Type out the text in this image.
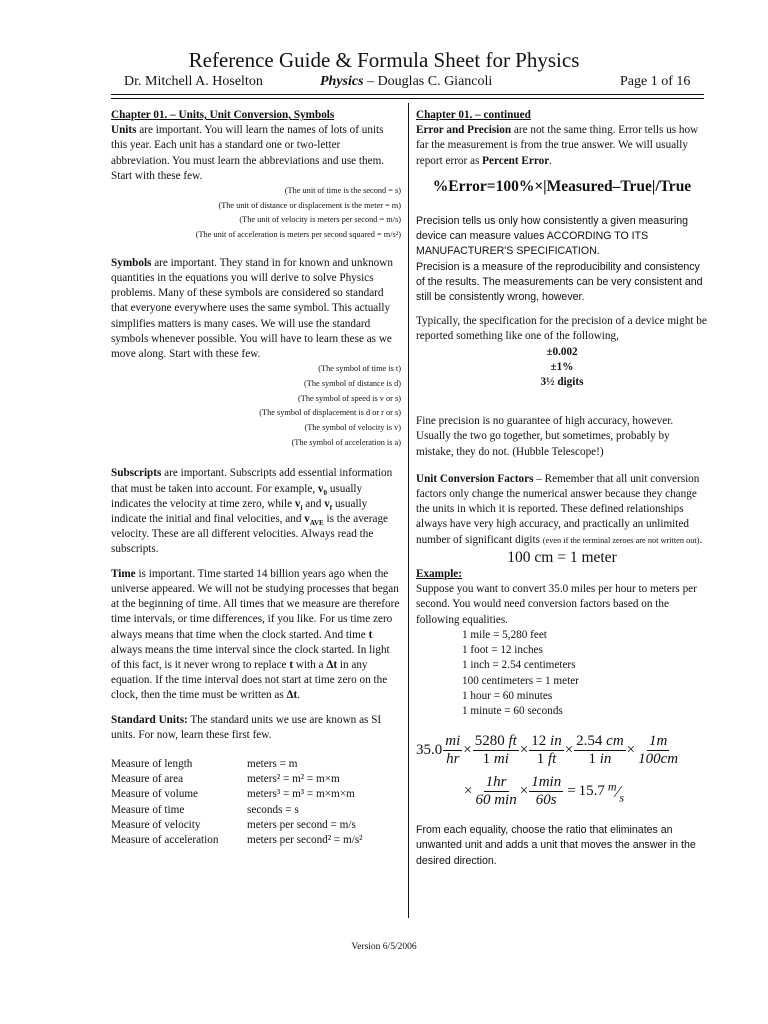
Reference Guide & Formula Sheet for Physics
Dr. Mitchell A. Hoselton	Physics – Douglas C. Giancoli	Page 1 of 16

Chapter 01. – Units, Unit Conversion, Symbols

Units are important. You will learn the names of lots of units this year. Each unit has a standard one or two-letter abbreviation. You must learn the abbreviations and use them. Start with these few.

(The unit of time is the second = s)
(The unit of distance or displacement is the meter = m)
(The unit of velocity is meters per second = m/s)
(The unit of acceleration is meters per second squared = m/s²)

Symbols are important. They stand in for known and unknown quantities in the equations you will derive to solve Physics problems. Many of these symbols are considered so standard that everyone everywhere uses the same symbol. This actually simplifies matters is many cases. We will use the standard symbols whenever possible. You will have to learn these as we move along. Start with these few.

(The symbol of time is t)
(The symbol of distance is d)
(The symbol of speed is v or s)
(The symbol of displacement is d or r or s)
(The symbol of velocity is v)
(The symbol of acceleration is a)

Subscripts are important. Subscripts add essential information that must be taken into account. For example, $v_0$ usually indicates the velocity at time zero, while $v_i$ and $v_f$ usually indicate the initial and final velocities, and $v_{AVE}$ is the average velocity. These are all different velocities. Always read the subscripts.

Time is important. Time started 14 billion years ago when the universe appeared. We will not be studying processes that began at the beginning of time. All times that we measure are therefore time intervals, or time differences, if you like. For us time zero always means that time when the clock started. And time t always means the time interval since the clock started. In light of this fact, is it never wrong to replace t with a Δt in any equation. If the time interval does not start at time zero on the clock, then the time must be written as Δt.

Standard Units: The standard units we use are known as SI units. For now, learn these first few.

Measure of length	meters = m
Measure of area	meters² = m² = m×m
Measure of volume	meters³ = m³ = m×m×m
Measure of time	seconds = s
Measure of velocity	meters per second = m/s
Measure of acceleration	meters per second² = m/s²

Chapter 01. – continued

Error and Precision are not the same thing. Error tells us how far the measurement is from the true answer. We will usually report error as Percent Error.

%Error=100%×|Measured–True|/True

Precision tells us only how consistently a given measuring device can measure values ACCORDING TO ITS MANUFACTURER'S SPECIFICATION.

Precision is a measure of the reproducibility and consistency of the results. The measurements can be very consistent and still be consistently wrong, however.

Typically, the specification for the precision of a device might be reported something like one of the following,

±0.002
±1%
3½ digits

Fine precision is no guarantee of high accuracy, however. Usually the two go together, but sometimes, probably by mistake, they do not. (Hubble Telescope!)

Unit Conversion Factors – Remember that all unit conversion factors only change the numerical answer because they change the units in which it is reported. These defined relationships always have very high accuracy, and practically an unlimited number of significant digits (even if the terminal zeroes are not written out).

100 cm = 1 meter

Example:

Suppose you want to convert 35.0 miles per hour to meters per second. You would need conversion factors based on the following equalities.

1 mile = 5,280 feet
1 foot = 12 inches
1 inch = 2.54 centimeters
100 centimeters = 1 meter
1 hour = 60 minutes
1 minute = 60 seconds
$35.0 \frac{mi}{hr} \times \frac{5280 ft}{1 mi} \times \frac{12 in}{1 ft} \times \frac{2.54 cm}{1 in} \times \frac{1m}{100cm}$
× $\frac{1hr}{60 \min} \times \frac{1\min}{60s} = 15.7$ $^m⁄_s$

From each equality, choose the ratio that eliminates an unwanted unit and adds a unit that moves the answer in the desired direction.

Version 6/5/2006
